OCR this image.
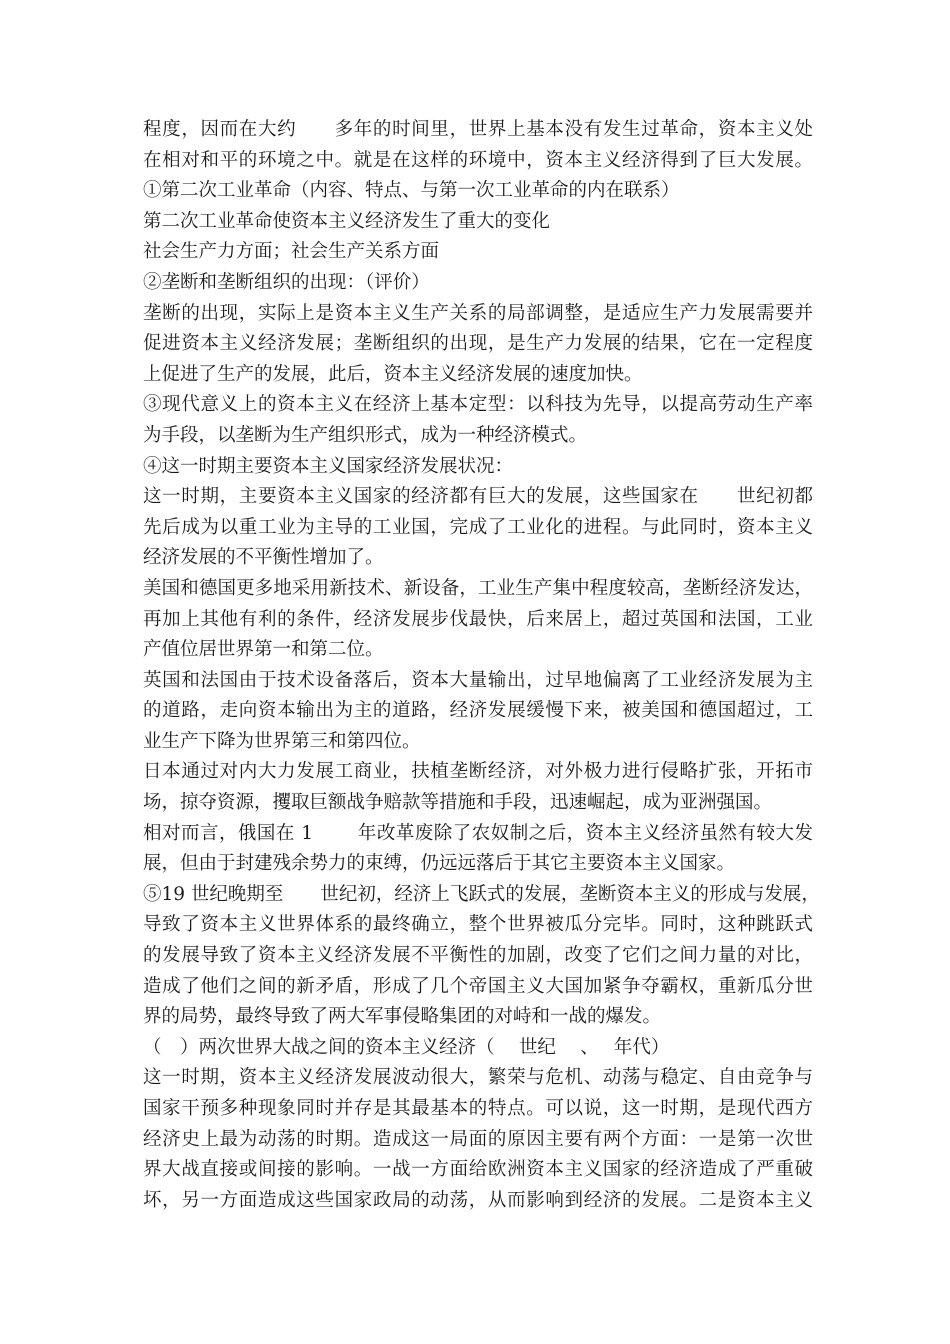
程度，因而在大约　　多年的时间里，世界上基本没有发生过革命，资本主义处
在相对和平的环境之中。就是在这样的环境中，资本主义经济得到了巨大发展。
①第二次工业革命（内容、特点、与第一次工业革命的内在联系）
第二次工业革命使资本主义经济发生了重大的变化
社会生产力方面；社会生产关系方面
②垄断和垄断组织的出现：（评价）
垄断的出现，实际上是资本主义生产关系的局部调整，是适应生产力发展需要并
促进资本主义经济发展；垄断组织的出现，是生产力发展的结果，它在一定程度
上促进了生产的发展，此后，资本主义经济发展的速度加快。
③现代意义上的资本主义在经济上基本定型：以科技为先导，以提高劳动生产率
为手段，以垄断为生产组织形式，成为一种经济模式。
④这一时期主要资本主义国家经济发展状况：
这一时期，主要资本主义国家的经济都有巨大的发展，这些国家在　　世纪初都
先后成为以重工业为主导的工业国，完成了工业化的进程。与此同时，资本主义
经济发展的不平衡性增加了。
美国和德国更多地采用新技术、新设备，工业生产集中程度较高，垄断经济发达，
再加上其他有利的条件，经济发展步伐最快，后来居上，超过英国和法国，工业
产值位居世界第一和第二位。
英国和法国由于技术设备落后，资本大量输出，过早地偏离了工业经济发展为主
的道路，走向资本输出为主的道路，经济发展缓慢下来，被美国和德国超过，工
业生产下降为世界第三和第四位。
日本通过对内大力发展工商业，扶植垄断经济，对外极力进行侵略扩张，开拓市
场，掠夺资源，攫取巨额战争赔款等措施和手段，迅速崛起，成为亚洲强国。
相对而言，俄国在 1　　 年改革废除了农奴制之后，资本主义经济虽然有较大发
展，但由于封建残余势力的束缚，仍远远落后于其它主要资本主义国家。
⑤19 世纪晚期至　　世纪初，经济上飞跃式的发展，垄断资本主义的形成与发展，
导致了资本主义世界体系的最终确立，整个世界被瓜分完毕。同时，这种跳跃式
的发展导致了资本主义经济发展不平衡性的加剧，改变了它们之间力量的对比，
造成了他们之间的新矛盾，形成了几个帝国主义大国加紧争夺霸权，重新瓜分世
界的局势，最终导致了两大军事侵略集团的对峙和一战的爆发。
（　）两次世界大战之间的资本主义经济（　 世纪　 、　 年代）
这一时期，资本主义经济发展波动很大，繁荣与危机、动荡与稳定、自由竞争与
国家干预多种现象同时并存是其最基本的特点。可以说，这一时期，是现代西方
经济史上最为动荡的时期。造成这一局面的原因主要有两个方面：一是第一次世
界大战直接或间接的影响。一战一方面给欧洲资本主义国家的经济造成了严重破
坏，另一方面造成这些国家政局的动荡，从而影响到经济的发展。二是资本主义
